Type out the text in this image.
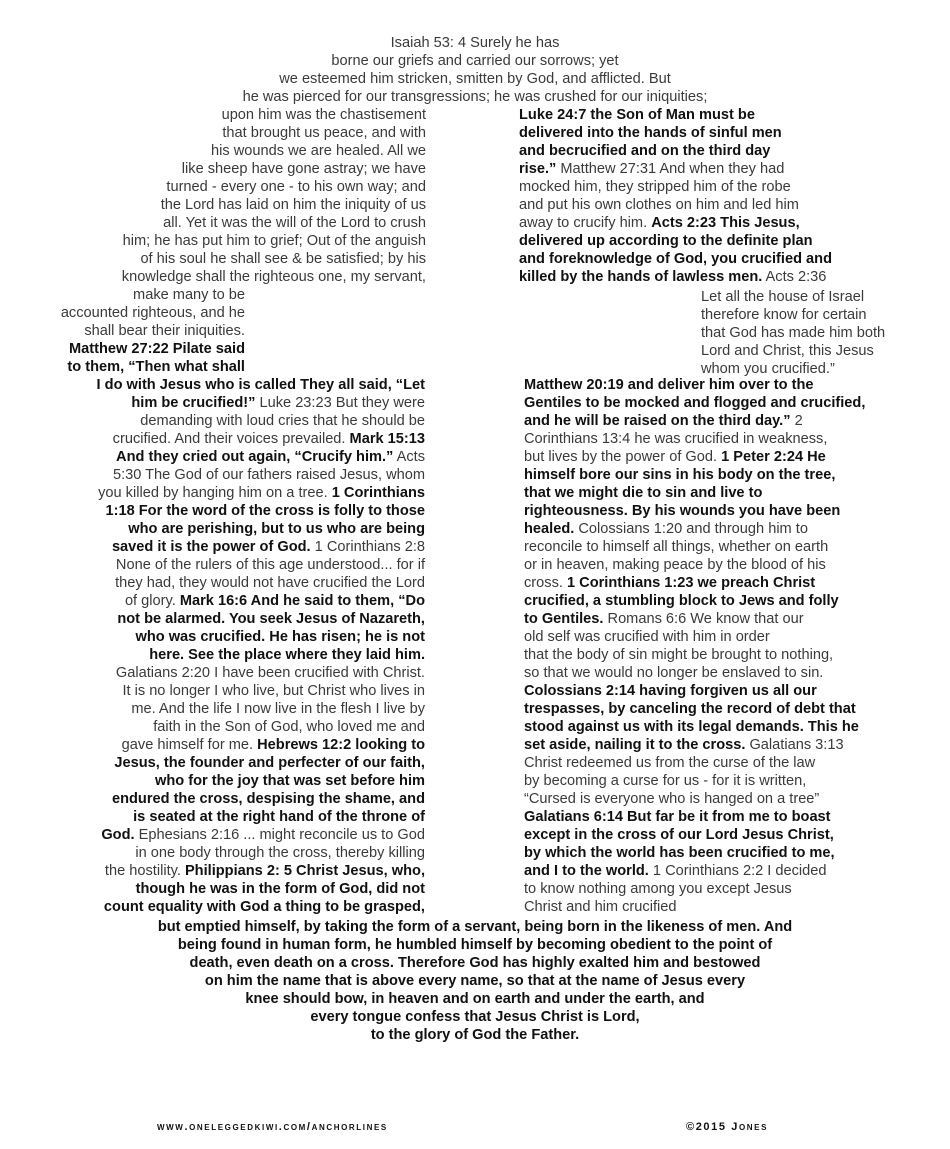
Isaiah 53: 4 Surely he has
borne our griefs and carried our sorrows; yet
we esteemed him stricken, smitten by God, and afflicted. But
he was pierced for our transgressions; he was crushed for our iniquities;
upon him was the chastisement
that brought us peace, and with
his wounds we are healed. All we
like sheep have gone astray; we have
turned - every one - to his own way; and
the Lord has laid on him the iniquity of us
all. Yet it was the will of the Lord to crush
him; he has put him to grief; Out of the anguish
of his soul he shall see & be satisfied; by his
knowledge shall the righteous one, my servant,
make many to be
accounted righteous, and he
shall bear their iniquities.
Matthew 27:22 Pilate said
to them, “Then what shall
I do with Jesus who is called They all said, “Let
him be crucified!” Luke 23:23 But they were
demanding with loud cries that he should be
crucified. And their voices prevailed. Mark 15:13
And they cried out again, “Crucify him.” Acts
5:30 The God of our fathers raised Jesus, whom
you killed by hanging him on a tree. 1 Corinthians
1:18 For the word of the cross is folly to those
who are perishing, but to us who are being
saved it is the power of God. 1 Corinthians 2:8
None of the rulers of this age understood... for if
they had, they would not have crucified the Lord
of glory. Mark 16:6 And he said to them, “Do
not be alarmed. You seek Jesus of Nazareth,
who was crucified. He has risen; he is not
here. See the place where they laid him.
Galatians 2:20 I have been crucified with Christ.
It is no longer I who live, but Christ who lives in
me. And the life I now live in the flesh I live by
faith in the Son of God, who loved me and
gave himself for me. Hebrews 12:2 looking to
Jesus, the founder and perfecter of our faith,
who for the joy that was set before him
endured the cross, despising the shame, and
is seated at the right hand of the throne of
God. Ephesians 2:16 ... might reconcile us to God
in one body through the cross, thereby killing
the hostility. Philippians 2: 5 Christ Jesus, who,
though he was in the form of God, did not
count equality with God a thing to be grasped,
Luke 24:7 the Son of Man must be
delivered into the hands of sinful men
and becrucified and on the third day
rise.” Matthew 27:31 And when they had
mocked him, they stripped him of the robe
and put his own clothes on him and led him
away to crucify him. Acts 2:23 This Jesus,
delivered up according to the definite plan
and foreknowledge of God, you crucified and
killed by the hands of lawless men. Acts 2:36
Let all the house of Israel
therefore know for certain
that God has made him both
Lord and Christ, this Jesus
whom you crucified.”
Matthew 20:19 and deliver him over to the
Gentiles to be mocked and flogged and crucified,
and he will be raised on the third day.” 2
Corinthians 13:4 he was crucified in weakness,
but lives by the power of God. 1 Peter 2:24 He
himself bore our sins in his body on the tree,
that we might die to sin and live to
righteousness. By his wounds you have been
healed. Colossians 1:20 and through him to
reconcile to himself all things, whether on earth
or in heaven, making peace by the blood of his
cross. 1 Corinthians 1:23 we preach Christ
crucified, a stumbling block to Jews and folly
to Gentiles. Romans 6:6 We know that our
old self was crucified with him in order
that the body of sin might be brought to nothing,
so that we would no longer be enslaved to sin.
Colossians 2:14 having forgiven us all our
trespasses, by canceling the record of debt that
stood against us with its legal demands. This he
set aside, nailing it to the cross. Galatians 3:13
Christ redeemed us from the curse of the law
by becoming a curse for us - for it is written,
“Cursed is everyone who is hanged on a tree”
Galatians 6:14 But far be it from me to boast
except in the cross of our Lord Jesus Christ,
by which the world has been crucified to me,
and I to the world. 1 Corinthians 2:2 I decided
to know nothing among you except Jesus
Christ and him crucified
but emptied himself, by taking the form of a servant, being born in the likeness of men. And
being found in human form, he humbled himself by becoming obedient to the point of
death, even death on a cross. Therefore God has highly exalted him and bestowed
on him the name that is above every name, so that at the name of Jesus every
knee should bow, in heaven and on earth and under the earth, and
every tongue confess that Jesus Christ is Lord,
to the glory of God the Father.
www.oneleggedkiwi.com/anchorlines	©2015 Jones
